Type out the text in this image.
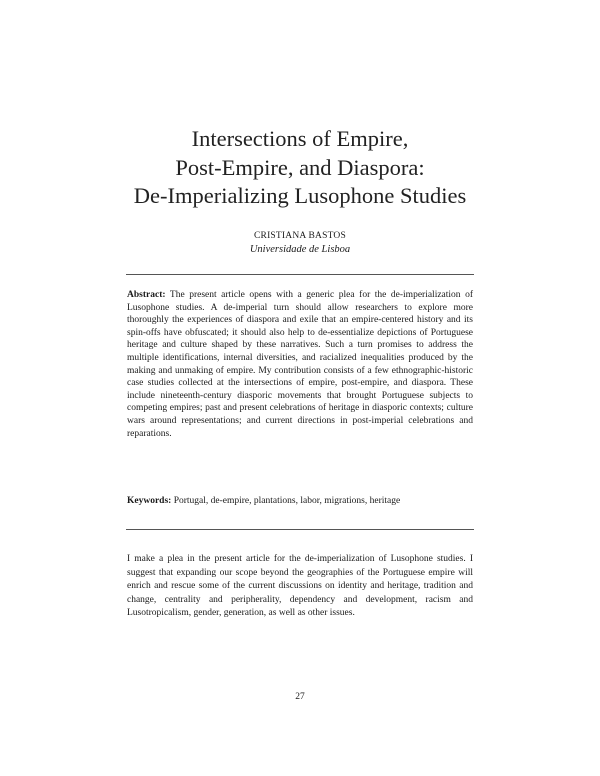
Intersections of Empire,
Post-Empire, and Diaspora:
De-Imperializing Lusophone Studies
CRISTIANA BASTOS
Universidade de Lisboa

Abstract: The present article opens with a generic plea for the de-imperialization of Lusophone studies. A de-imperial turn should allow researchers to explore more thoroughly the experiences of diaspora and exile that an empire-centered history and its spin-offs have obfuscated; it should also help to de-essentialize depictions of Portuguese heritage and culture shaped by these narratives. Such a turn promises to address the multiple identifications, internal diversities, and racialized inequalities produced by the making and unmaking of empire. My contribution consists of a few ethnographic-historic case studies collected at the intersections of empire, post-empire, and diaspora. These include nineteenth-century diasporic movements that brought Portuguese subjects to competing empires; past and present celebrations of heritage in diasporic contexts; culture wars around representations; and current directions in post-imperial celebrations and reparations.

Keywords: Portugal, de-empire, plantations, labor, migrations, heritage

I make a plea in the present article for the de-imperialization of Lusophone studies. I suggest that expanding our scope beyond the geographies of the Portuguese empire will enrich and rescue some of the current discussions on identity and heritage, tradition and change, centrality and peripherality, dependency and development, racism and Lusotropicalism, gender, generation, as well as other issues.

27
